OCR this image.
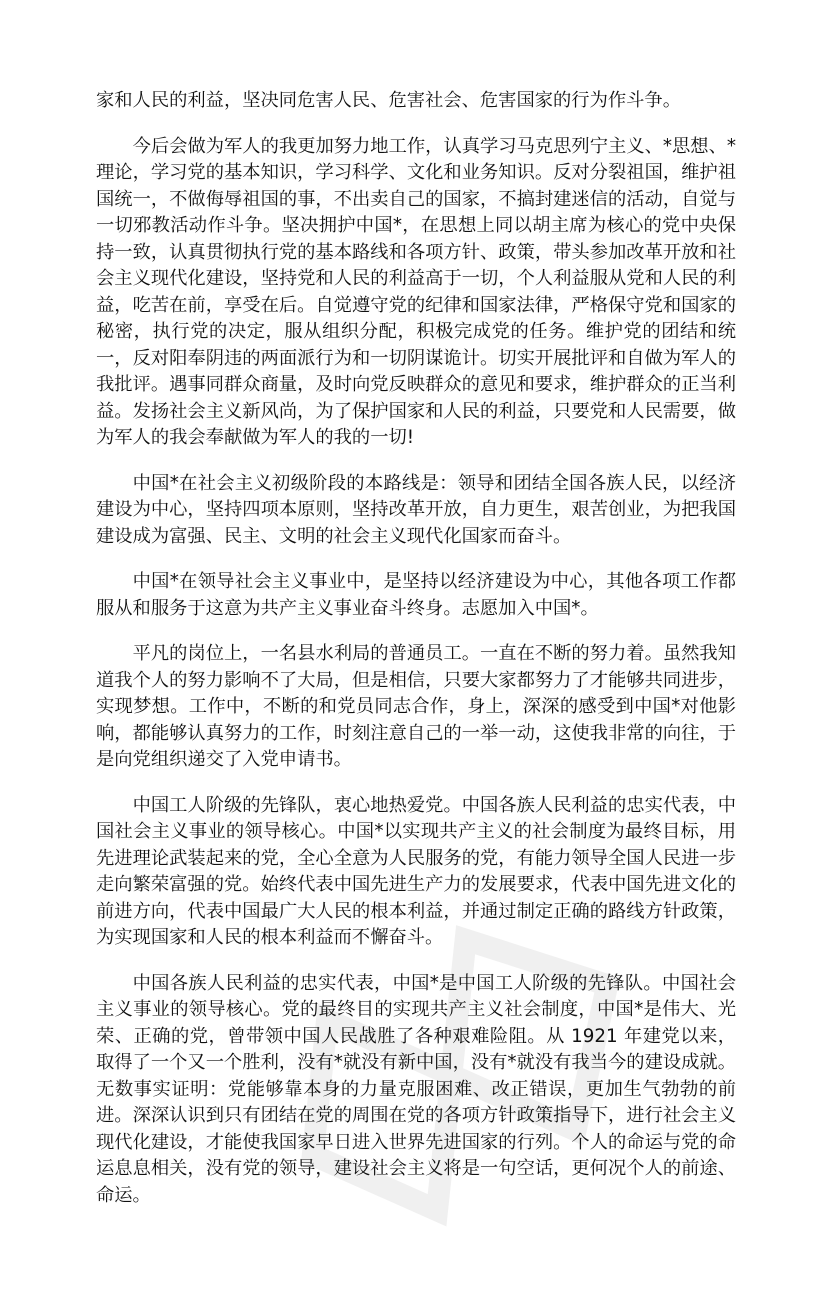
家和人民的利益，坚决同危害人民、危害社会、危害国家的行为作斗争。

今后会做为军人的我更加努力地工作，认真学习马克思列宁主义、*思想、*理论，学习党的基本知识，学习科学、文化和业务知识。反对分裂祖国，维护祖国统一，不做侮辱祖国的事，不出卖自己的国家，不搞封建迷信的活动，自觉与一切邪教活动作斗争。坚决拥护中国*，在思想上同以胡主席为核心的党中央保持一致，认真贯彻执行党的基本路线和各项方针、政策，带头参加改革开放和社会主义现代化建设，坚持党和人民的利益高于一切，个人利益服从党和人民的利益，吃苦在前，享受在后。自觉遵守党的纪律和国家法律，严格保守党和国家的秘密，执行党的决定，服从组织分配，积极完成党的任务。维护党的团结和统一，反对阳奉阴违的两面派行为和一切阴谋诡计。切实开展批评和自做为军人的我批评。遇事同群众商量，及时向党反映群众的意见和要求，维护群众的正当利益。发扬社会主义新风尚，为了保护国家和人民的利益，只要党和人民需要，做为军人的我会奉献做为军人的我的一切!

中国*在社会主义初级阶段的本路线是：领导和团结全国各族人民，以经济建设为中心，坚持四项本原则，坚持改革开放，自力更生，艰苦创业，为把我国建设成为富强、民主、文明的社会主义现代化国家而奋斗。

中国*在领导社会主义事业中，是坚持以经济建设为中心，其他各项工作都服从和服务于这意为共产主义事业奋斗终身。志愿加入中国*。

平凡的岗位上，一名县水利局的普通员工。一直在不断的努力着。虽然我知道我个人的努力影响不了大局，但是相信，只要大家都努力了才能够共同进步，实现梦想。工作中，不断的和党员同志合作，身上，深深的感受到中国*对他影响，都能够认真努力的工作，时刻注意自己的一举一动，这使我非常的向往，于是向党组织递交了入党申请书。

中国工人阶级的先锋队，衷心地热爱党。中国各族人民利益的忠实代表，中国社会主义事业的领导核心。中国*以实现共产主义的社会制度为最终目标，用先进理论武装起来的党，全心全意为人民服务的党，有能力领导全国人民进一步走向繁荣富强的党。始终代表中国先进生产力的发展要求，代表中国先进文化的前进方向，代表中国最广大人民的根本利益，并通过制定正确的路线方针政策，为实现国家和人民的根本利益而不懈奋斗。

中国各族人民利益的忠实代表，中国*是中国工人阶级的先锋队。中国社会主义事业的领导核心。党的最终目的实现共产主义社会制度，中国*是伟大、光荣、正确的党，曾带领中国人民战胜了各种艰难险阻。从 1921 年建党以来，取得了一个又一个胜利，没有*就没有新中国，没有*就没有我当今的建设成就。无数事实证明：党能够靠本身的力量克服困难、改正错误，更加生气勃勃的前进。深深认识到只有团结在党的周围在党的各项方针政策指导下，进行社会主义现代化建设，才能使我国家早日进入世界先进国家的行列。个人的命运与党的命运息息相关，没有党的领导，建设社会主义将是一句空话，更何况个人的前途、命运。
